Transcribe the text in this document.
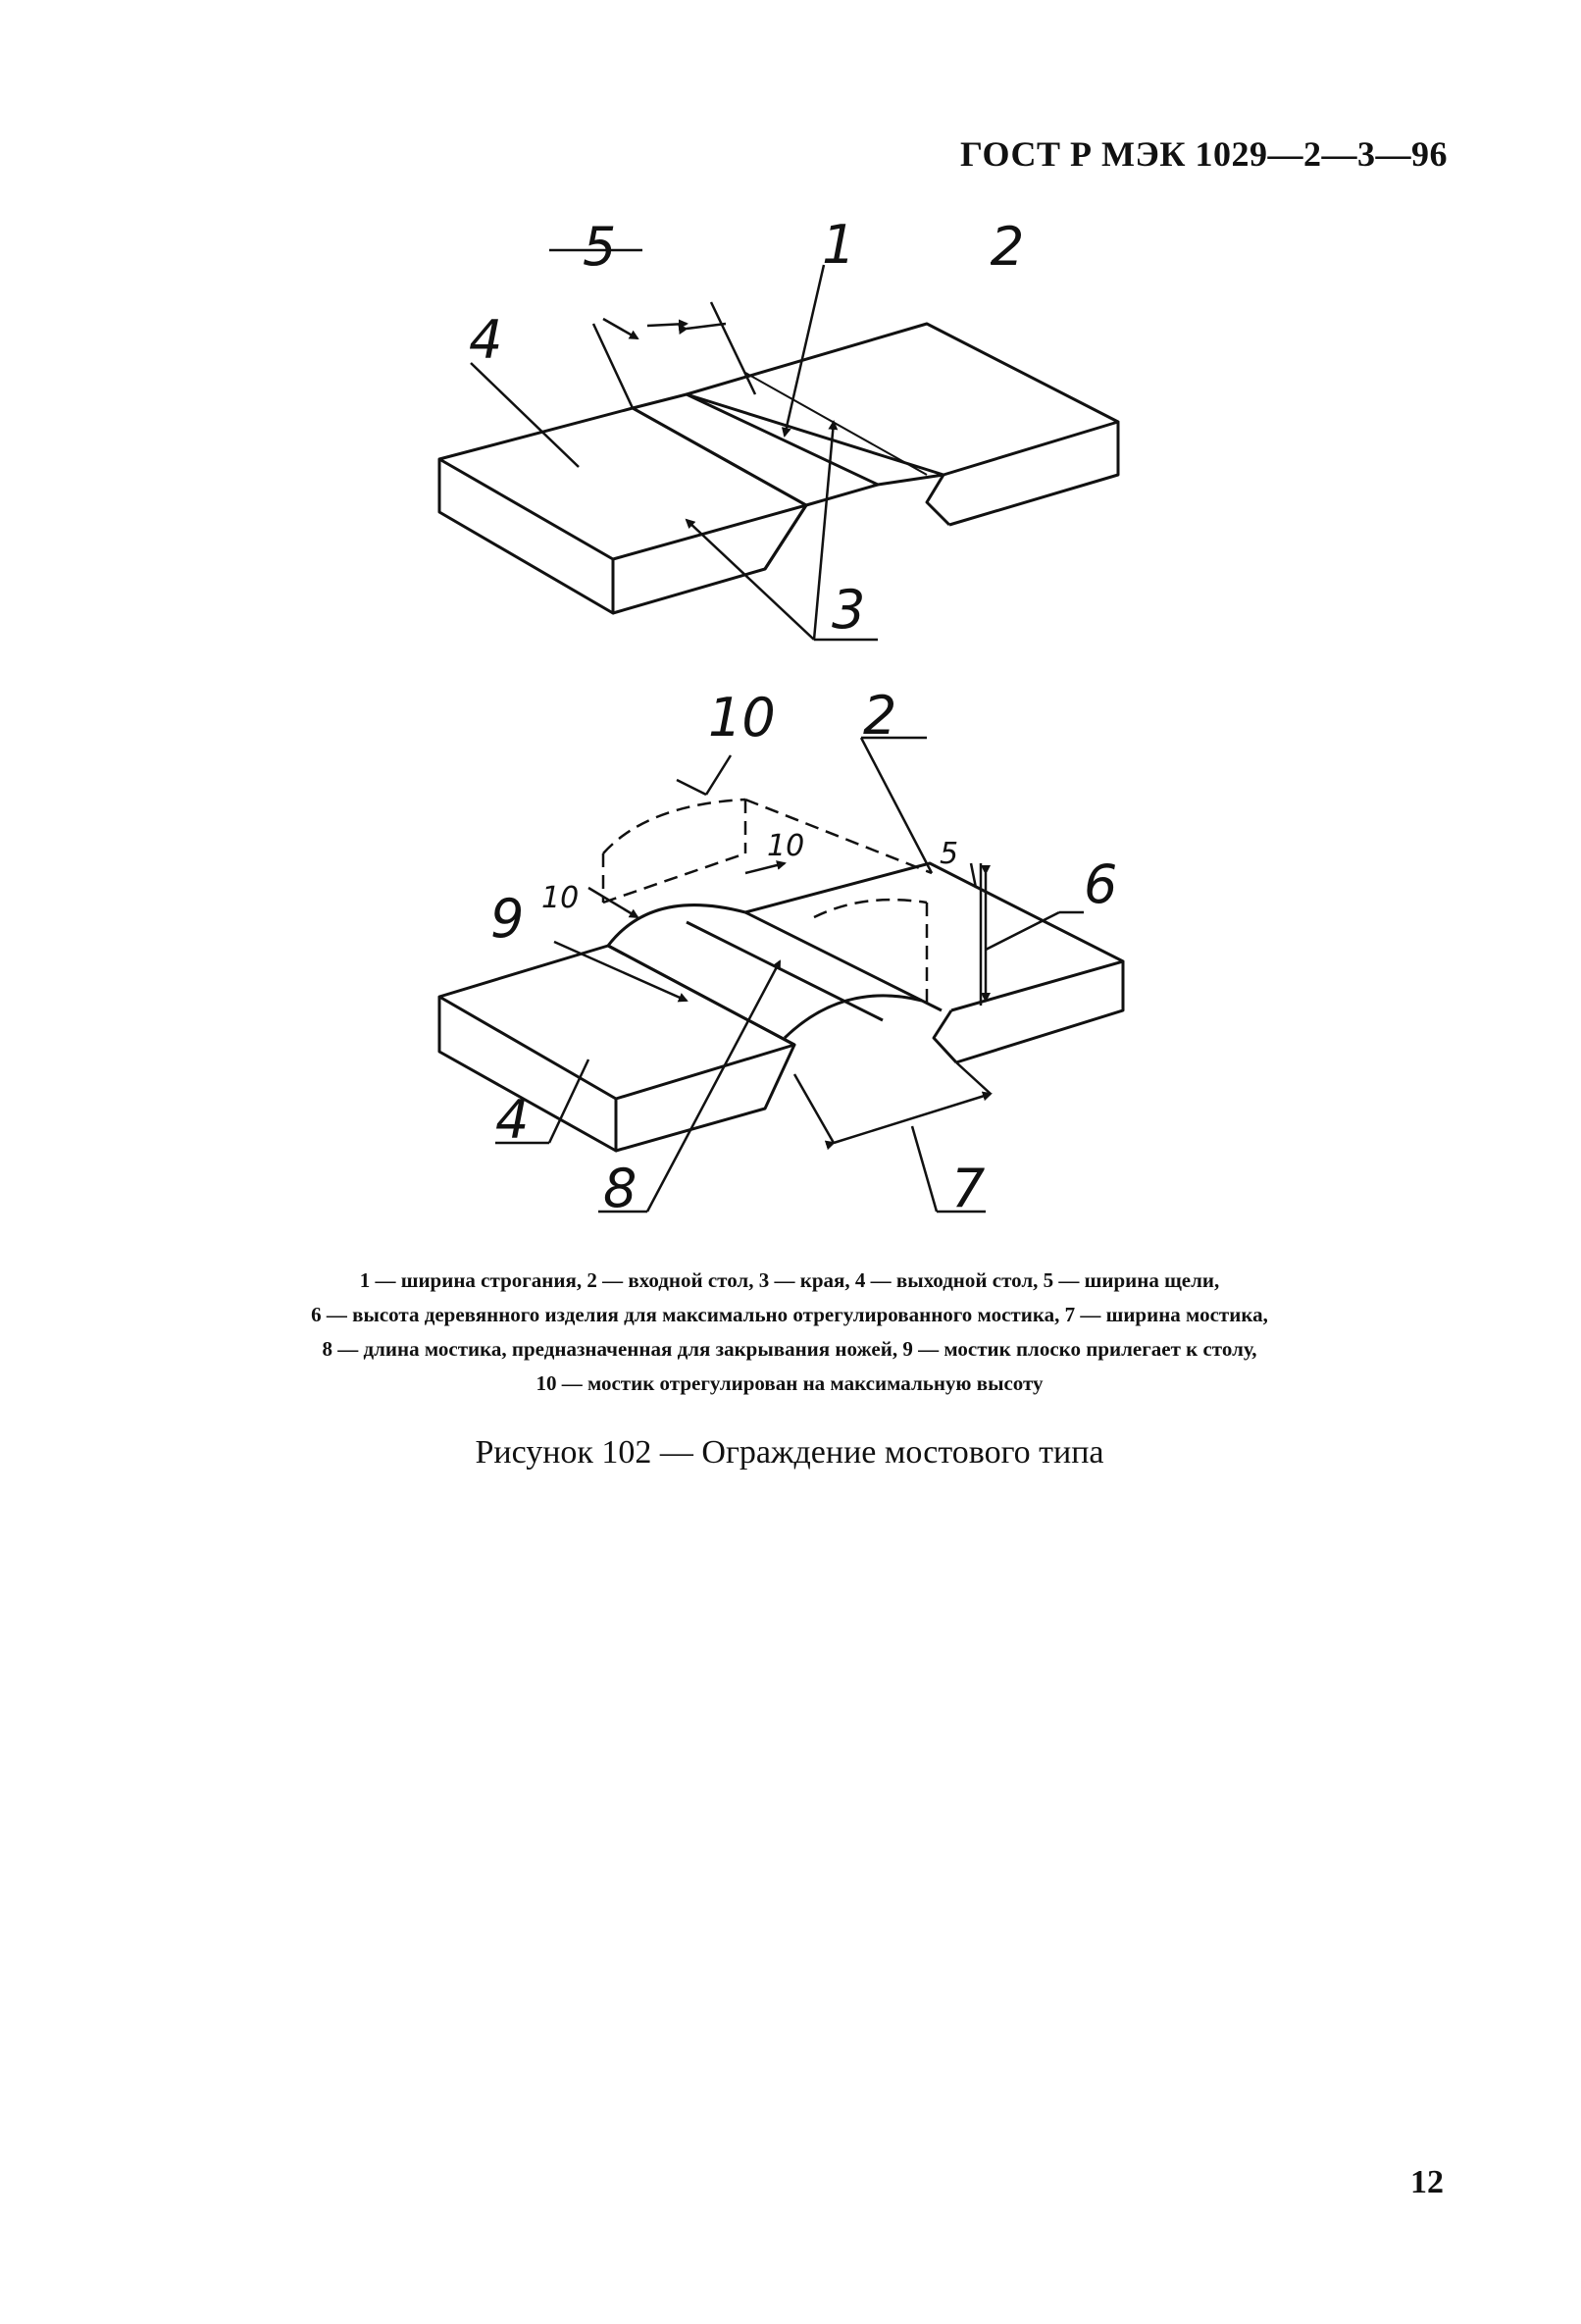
ГОСТ Р МЭК 1029—2—3—96
5	1	2
4
3
10 2
10
10
5 6
9
4
8	7
1 — ширина строгания, 2 — входной стол, 3 — края, 4 — выходной стол, 5 — ширина щели,
6 — высота деревянного изделия для максимально отрегулированного мостика, 7 — ширина мостика,
8 — длина мостика, предназначенная для закрывания ножей, 9 — мостик плоско прилегает к столу,
10 — мостик отрегулирован на максимальную высоту

Рисунок 102 — Ограждение мостового типа

12
